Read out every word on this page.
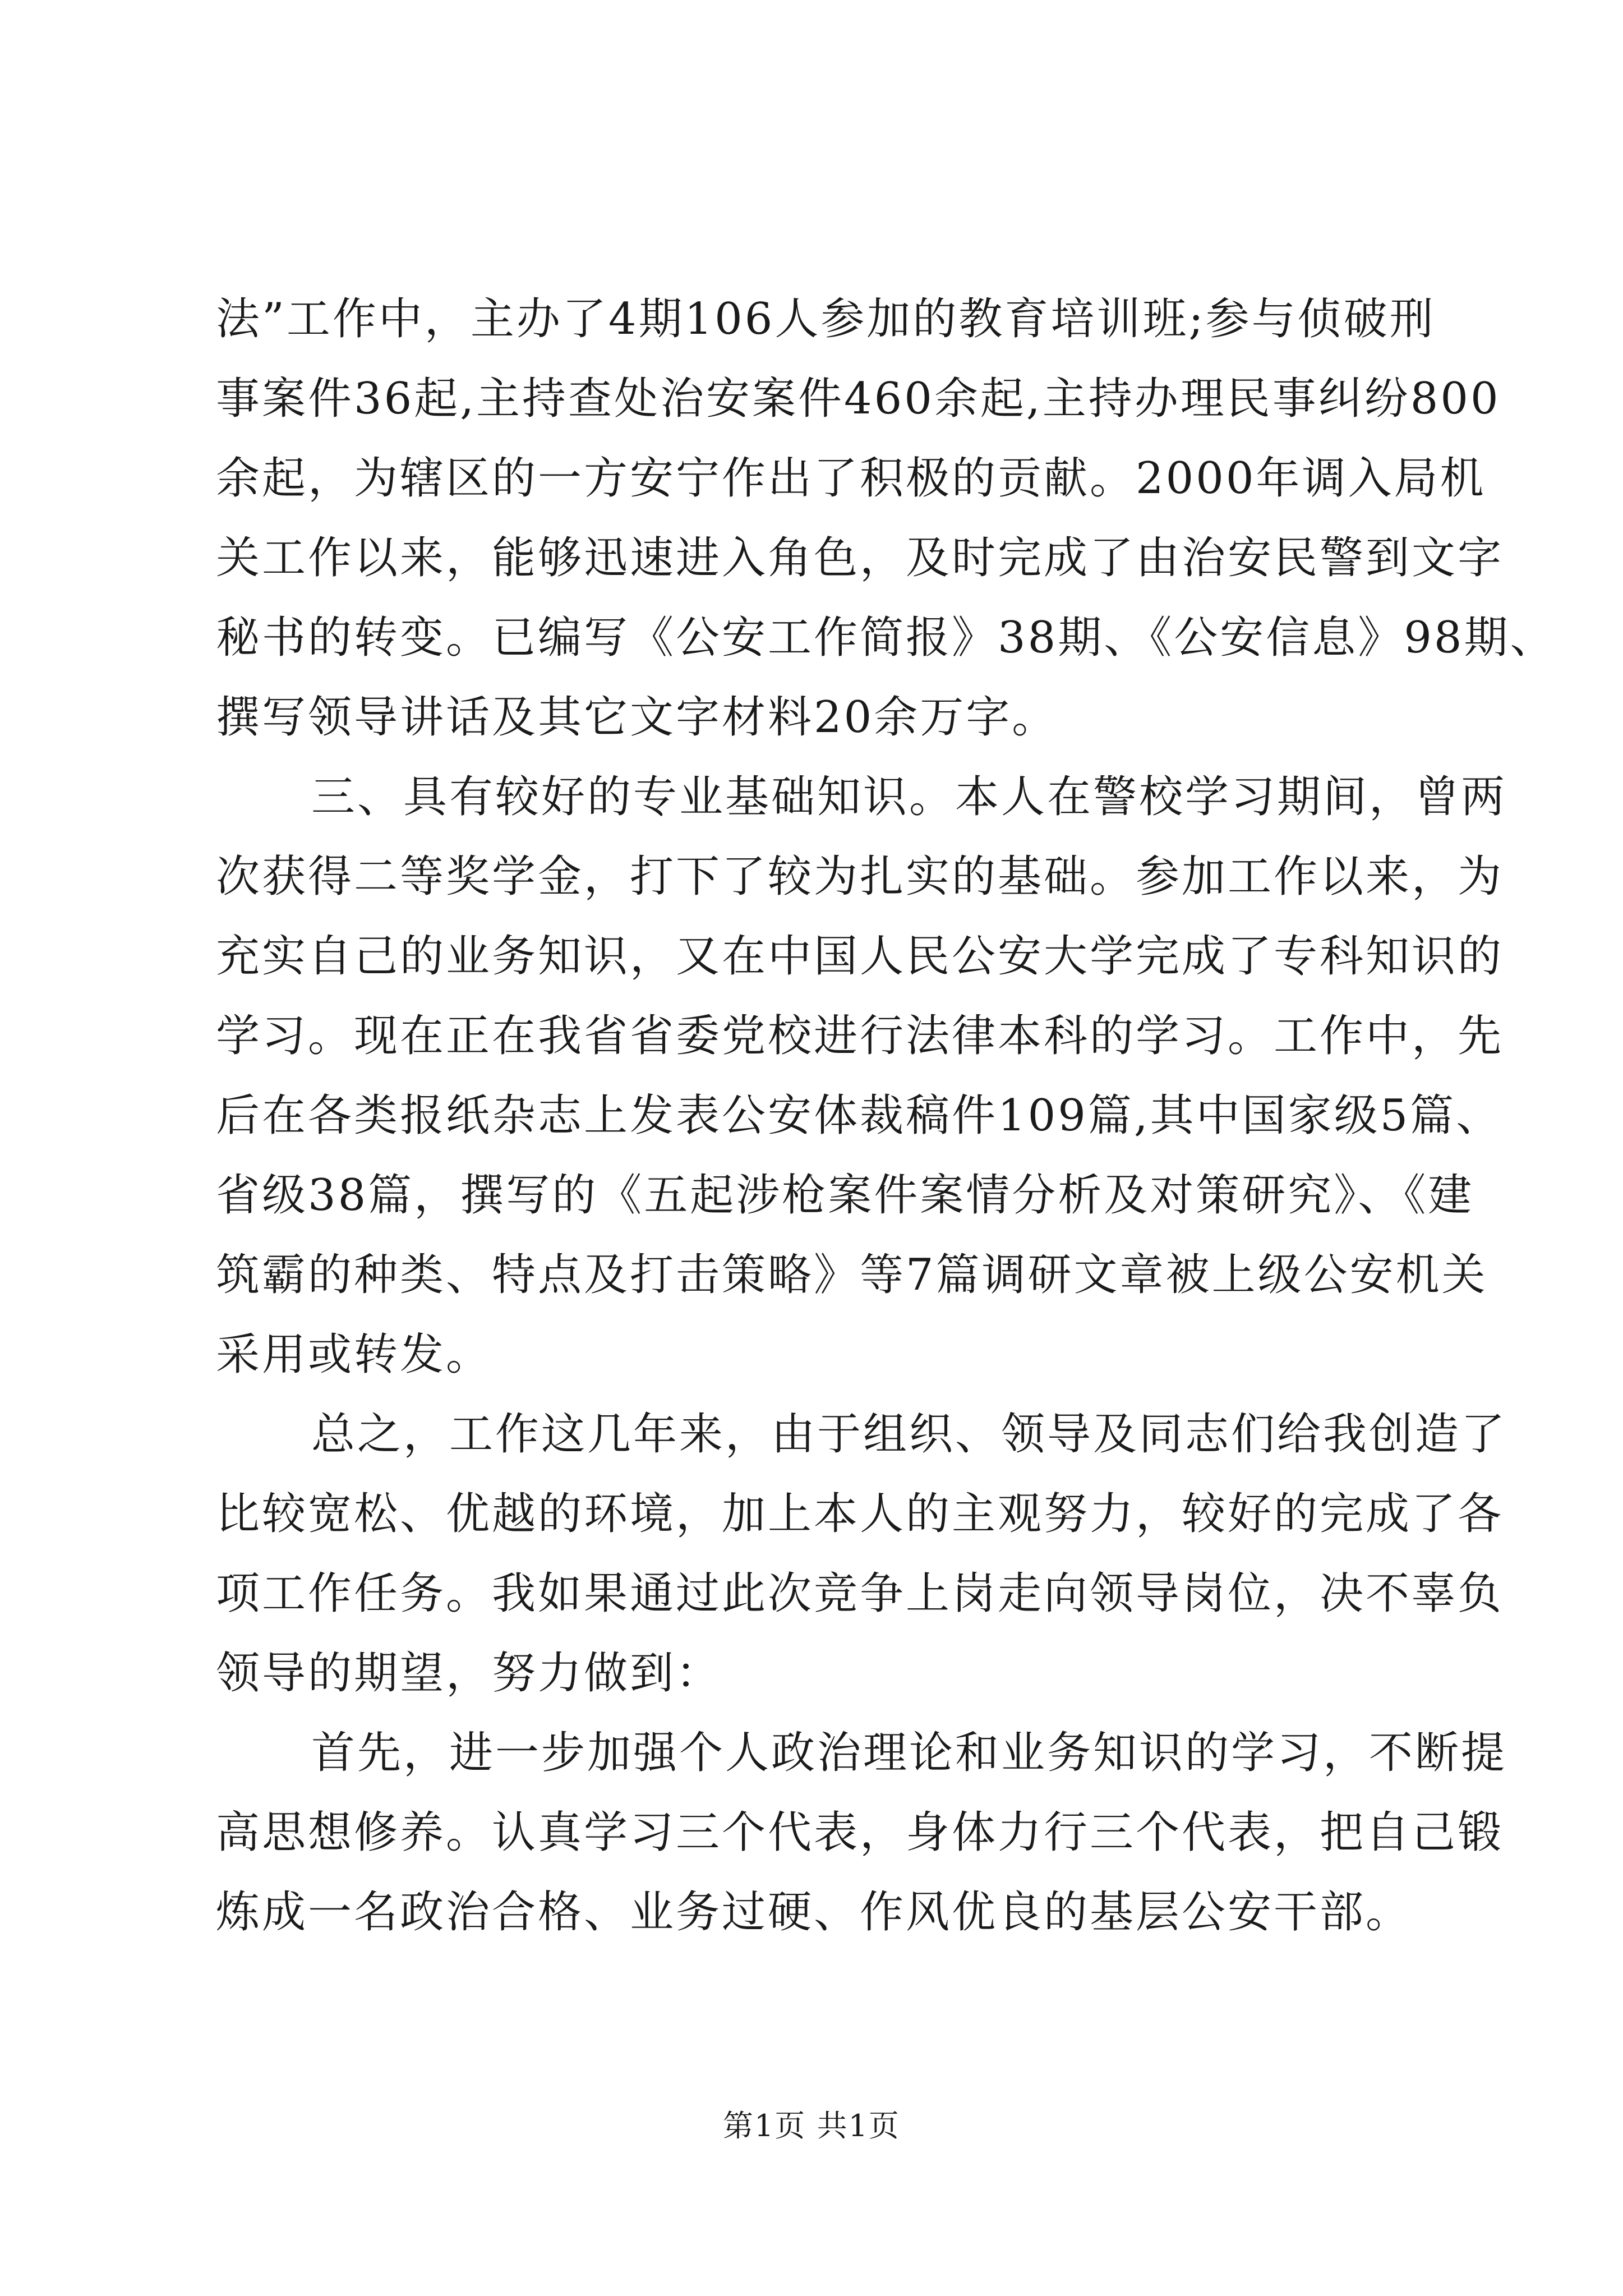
法”工作中，主办了4期106人参加的教育培训班;参与侦破刑
事案件36起,主持查处治安案件460余起,主持办理民事纠纷800
余起，为辖区的一方安宁作出了积极的贡献。2000年调入局机
关工作以来，能够迅速进入角色，及时完成了由治安民警到文字
秘书的转变。已编写《公安工作简报》38期、《公安信息》98期、
撰写领导讲话及其它文字材料20余万字。
三、具有较好的专业基础知识。本人在警校学习期间，曾两
次获得二等奖学金，打下了较为扎实的基础。参加工作以来，为
充实自己的业务知识，又在中国人民公安大学完成了专科知识的
学习。现在正在我省省委党校进行法律本科的学习。工作中，先
后在各类报纸杂志上发表公安体裁稿件109篇,其中国家级5篇、
省级38篇，撰写的《五起涉枪案件案情分析及对策研究》、《建
筑霸的种类、特点及打击策略》等7篇调研文章被上级公安机关
采用或转发。
总之，工作这几年来，由于组织、领导及同志们给我创造了
比较宽松、优越的环境，加上本人的主观努力，较好的完成了各
项工作任务。我如果通过此次竞争上岗走向领导岗位，决不辜负
领导的期望，努力做到：
首先，进一步加强个人政治理论和业务知识的学习，不断提
高思想修养。认真学习三个代表，身体力行三个代表，把自己锻
炼成一名政治合格、业务过硬、作风优良的基层公安干部。
第1页 共1页
